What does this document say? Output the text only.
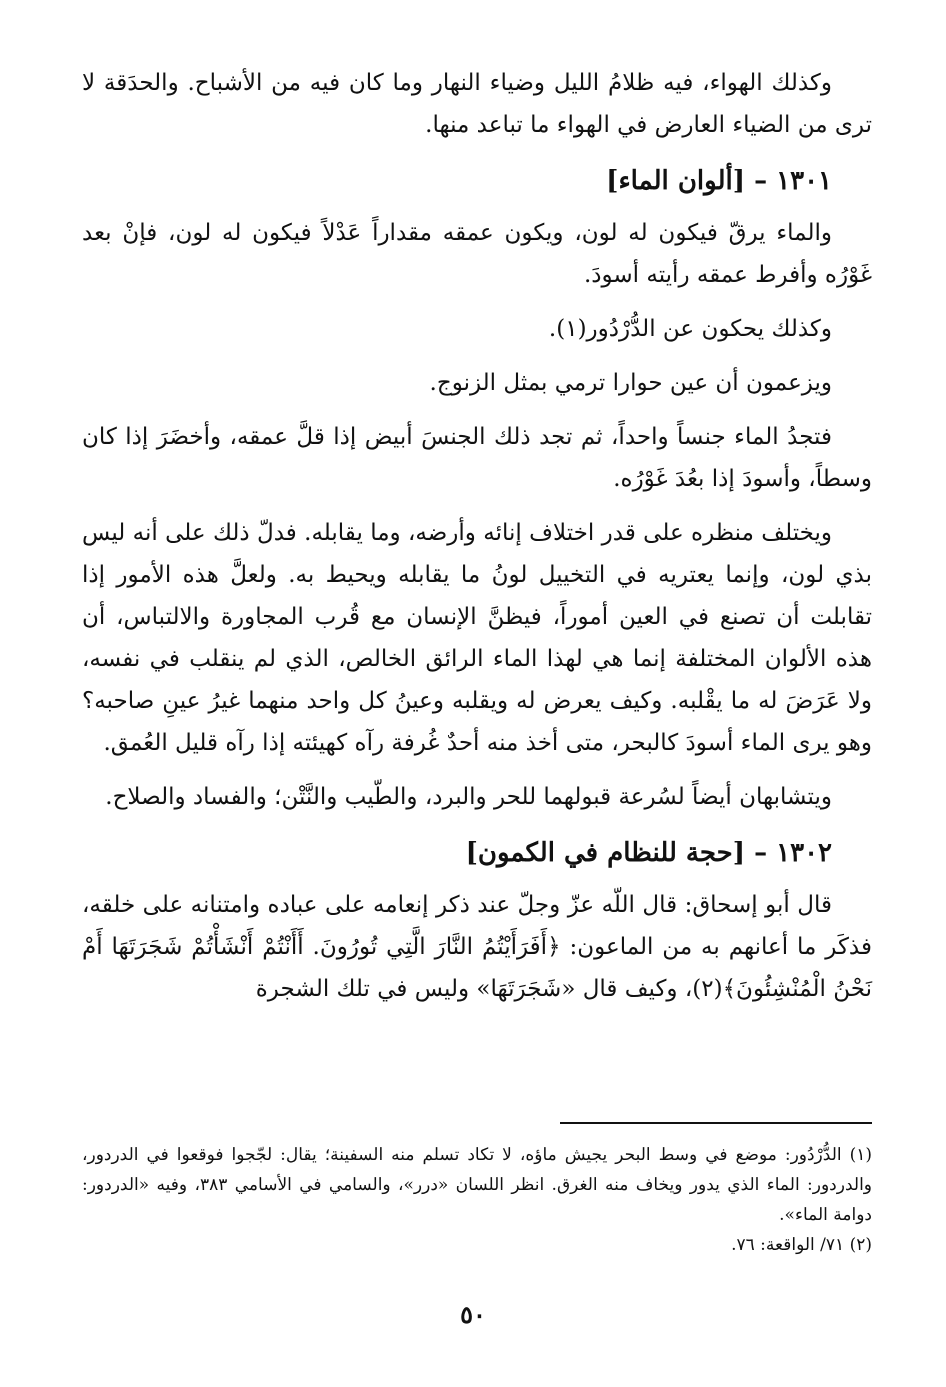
وكذلك الهواء، فيه ظلامُ الليل وضياء النهار وما كان فيه من الأشباح. والحدَقة لا ترى من الضياء العارض في الهواء ما تباعد منها.

١٣٠١ – [ألوان الماء]

والماء يرقّ فيكون له لون، ويكون عمقه مقداراً عَدْلاً فيكون له لون، فإنْ بعد غَوْرُه وأفرط عمقه رأيته أسودَ.

وكذلك يحكون عن الدُّرْدُور(١).

ويزعمون أن عين حوارا ترمي بمثل الزنوج.

فتجدُ الماء جنساً واحداً، ثم تجد ذلك الجنسَ أبيض إذا قلَّ عمقه، وأخضَرَ إذا كان وسطاً، وأسودَ إذا بعُدَ غَوْرُه.

ويختلف منظره على قدر اختلاف إنائه وأرضه، وما يقابله. فدلّ ذلك على أنه ليس بذي لون، وإنما يعتريه في التخييل لونُ ما يقابله ويحيط به. ولعلَّ هذه الأمور إذا تقابلت أن تصنع في العين أموراً، فيظنَّ الإنسان مع قُرب المجاورة والالتباس، أن هذه الألوان المختلفة إنما هي لهذا الماء الرائق الخالص، الذي لم ينقلب في نفسه، ولا عَرَضَ له ما يقْلبه. وكيف يعرض له ويقلبه وعينُ كل واحد منهما غيرُ عينِ صاحبه؟ وهو يرى الماء أسودَ كالبحر، متى أخذ منه أحدٌ غُرفة رآه كهيئته إذا رآه قليل العُمق.

ويتشابهان أيضاً لسُرعة قبولهما للحر والبرد، والطّيب والنَّتْن؛ والفساد والصلاح.

١٣٠٢ – [حجة للنظام في الكمون]

قال أبو إسحاق: قال اللّه عزّ وجلّ عند ذكر إنعامه على عباده وامتنانه على خلقه، فذكَر ما أعانهم به من الماعون: ﴿أَفَرَأَيْتُمُ النَّارَ الَّتِي تُورُونَ. أَأَنْتُمْ أَنْشَأْتُمْ شَجَرَتَهَا أَمْ نَحْنُ الْمُنْشِئُونَ﴾(٢)، وكيف قال «شَجَرَتَهَا» وليس في تلك الشجرة

(١) الدُّرْدُور: موضع في وسط البحر يجيش ماؤه، لا تكاد تسلم منه السفينة؛ يقال: لجّجوا فوقعوا في الدردور، والدردور: الماء الذي يدور ويخاف منه الغرق. انظر اللسان «درر»، والسامي في الأسامي ٣٨٣، وفيه «الدردور: دوامة الماء».

(٢) ٧١/ الواقعة: ٧٦.

٥٠
